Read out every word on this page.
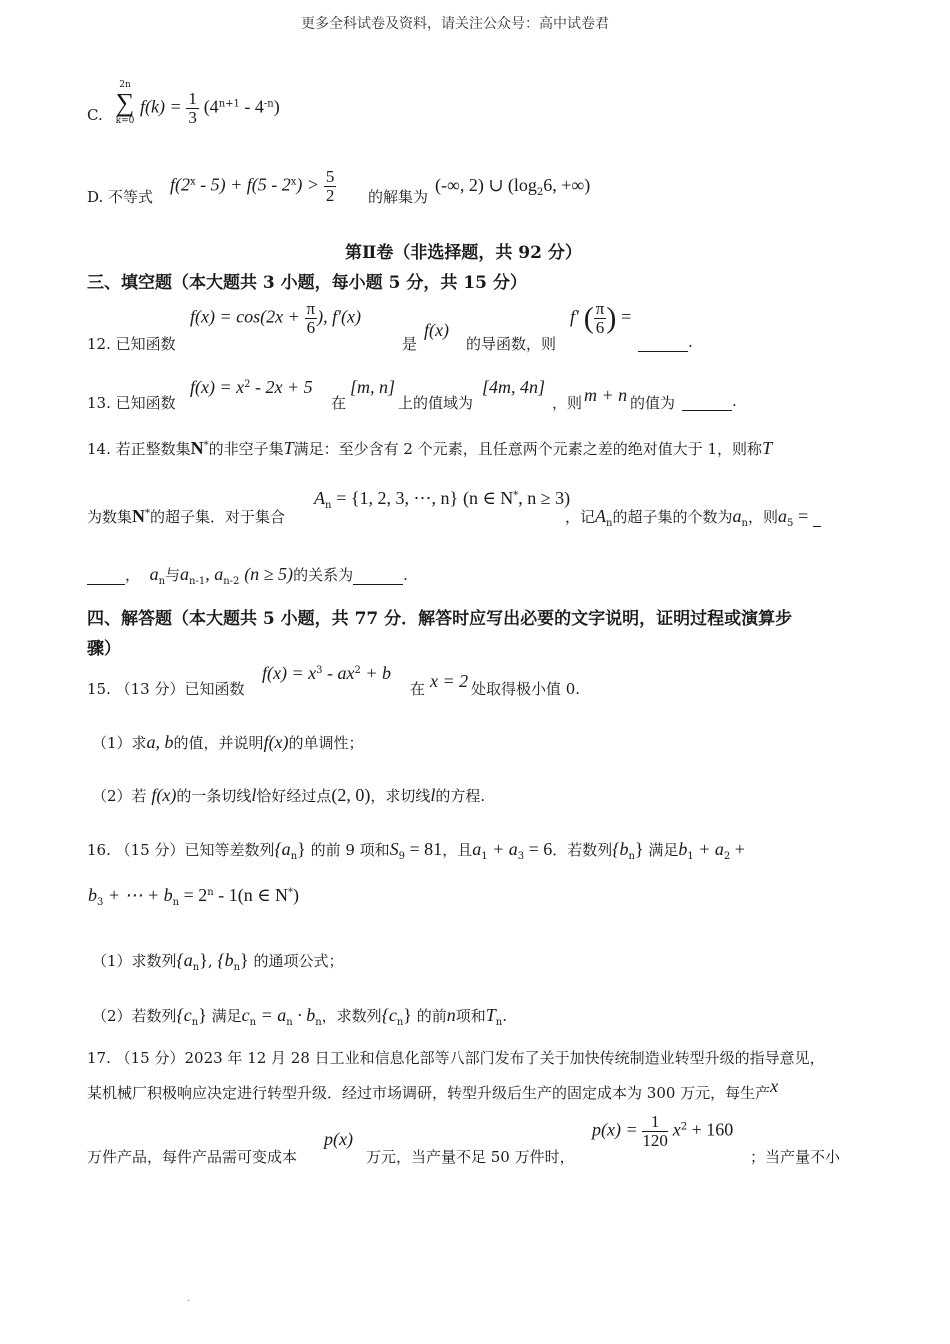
更多全科试卷及资料，请关注公众号：高中试卷君
C.
2n
∑
k=0
$f(k) = \frac{1}{3} (4^{n+1} - 4^{-n})$
D. 不等式
$f(2^x - 5) + f(5 - 2^x) > \frac{5}{2}$ 的解集为
(-∞, 2) ∪ ($\log_26$, +∞)
第Ⅱ卷（非选择题，共 92 分）
三、填空题（本大题共 3 小题，每小题 5 分，共 15 分）
12. 已知函数
$f(x) = \cos(2x + \frac{\pi}{6}$ ), f′(x)
是
f(x)
的导函数，则
f′ ( $\frac{\pi}{6}$ ) =
.
13. 已知函数
$f(x) = x^2 - 2x + 5$
在
[m, n]
上的值域为
[4m, 4n]
，则 m + n 的值为	.
14. 若正整数集N*的非空子集T满足：至少含有 2 个元素，且任意两个元素之差的绝对值大于 1，则称T
为数集N*的超子集．对于集合
$A_n = \{1$, 2, 3, ⋯, n} (n ∈ N*, n ≥ 3)
，记$A_n$的超子集的个数为$a_n$，则$a_5$ =
， $a_n$与$a_{n-1}$, $a_{n-2}$ (n ≥ 5)的关系为	.
四、解答题（本大题共 5 小题，共 77 分．解答时应写出必要的文字说明，证明过程或演算步
骤）
15. （13 分）已知函数
$f(x) = x^3 - ax^2 + b$
在 x = 2 处取得极小值 0.
（1）求a, b的值，并说明f(x)的单调性；
（2）若 f(x)的一条切线l恰好经过点(2, 0)，求切线l的方程.
16. （15 分）已知等差数列$\{a_n\}$ 的前 9 项和$S_9 = 81$，且$a_1 + a_3 = 6$．若数列$\{b_n\}$ 满足$b_1 + a_2$ +
$b_3$ + ⋯ + $b_n = 2^n - 1(n$ ∈ N*)
（1）求数列$\{a_n\}$, $\{b_n\}$ 的通项公式；
（2）若数列$\{c_n\}$ 满足$c_n = a_n \cdot b_n$，求数列$\{c_n\}$ 的前n项和$T_n$.
17. （15 分）2023 年 12 月 28 日工业和信息化部等八部门发布了关于加快传统制造业转型升级的指导意见，
某机械厂积极响应决定进行转型升级．经过市场调研，转型升级后生产的固定成本为 300 万元，每生产x
万件产品，每件产品需可变成本
p(x)
万元，当产量不足 50 万件时，
$p(x) = \frac{1}{120} x^2 + 160$
；当产量不小
·
